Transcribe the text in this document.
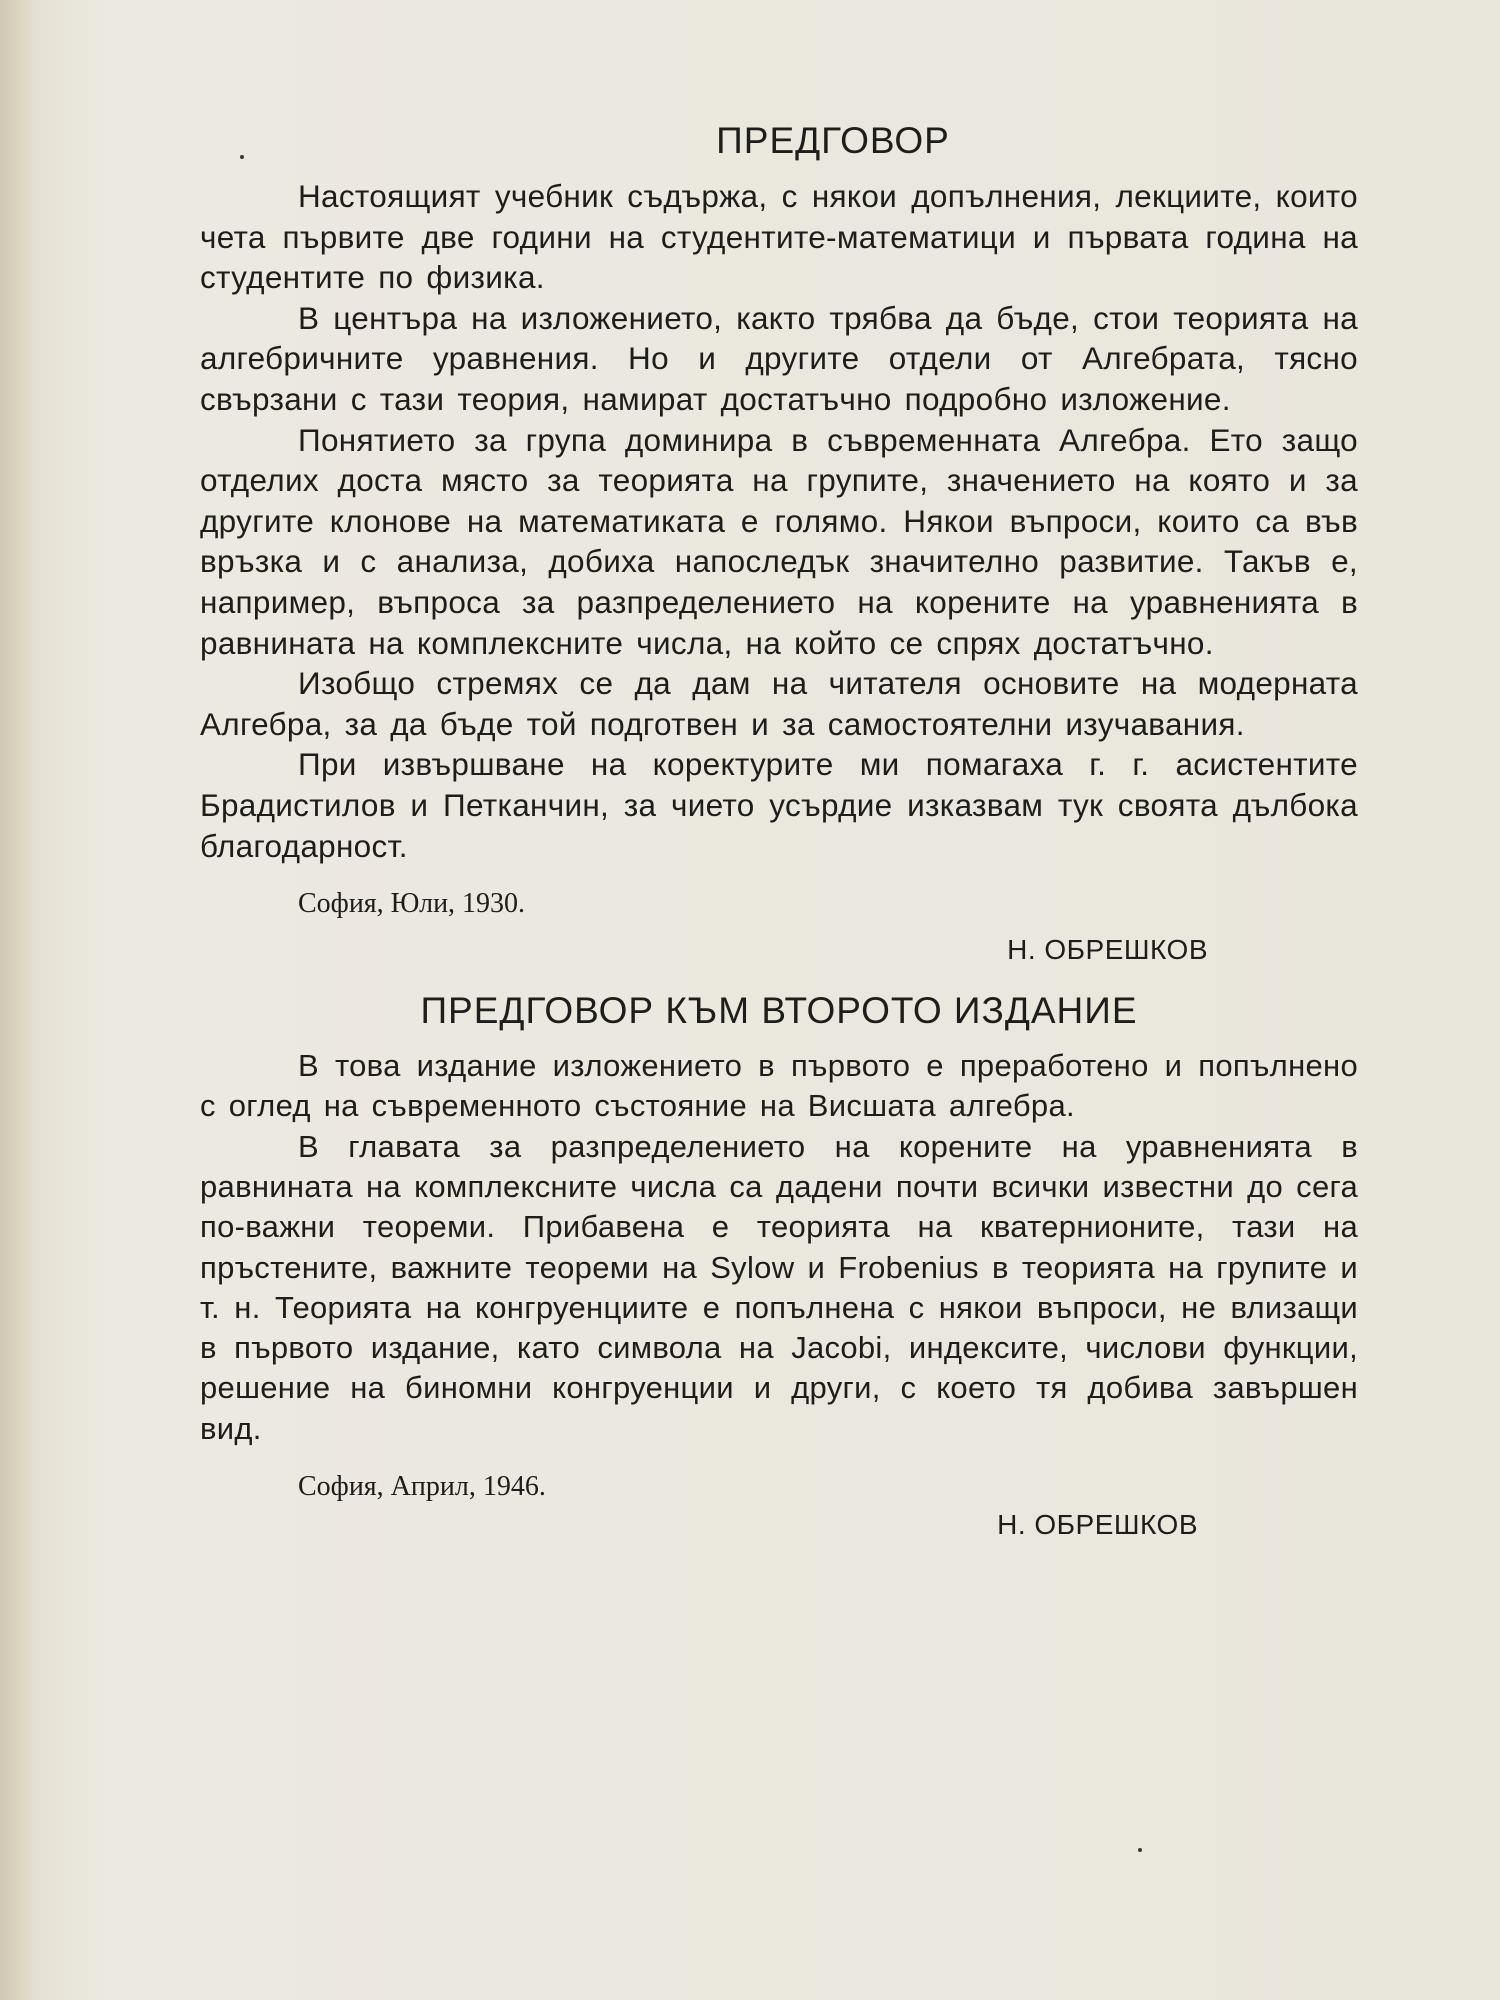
ПРЕДГОВОР

Настоящият учебник съдържа, с някои допълнения, лекциите, които чета първите две години на студентите-математици и първата година на студентите по физика.

В центъра на изложението, както трябва да бъде, стои теорията на алгебричните уравнения. Но и другите отдели от Алгебрата, тясно свързани с тази теория, намират достатъчно подробно изложение.

Понятието за група доминира в съвременната Алгебра. Ето защо отделих доста място за теорията на групите, значението на която и за другите клонове на математиката е голямо. Някои въпроси, които са във връзка и с анализа, добиха напоследък значително развитие. Такъв е, например, въпроса за разпределението на корените на уравненията в равнината на комплексните числа, на който се спрях достатъчно.

Изобщо стремях се да дам на читателя основите на модерната Алгебра, за да бъде той подготвен и за самостоятелни изучавания.

При извършване на коректурите ми помагаха г. г. асистентите Брадистилов и Петканчин, за чието усърдие изказвам тук своята дълбока благодарност.

София, Юли, 1930.
Н. ОБРЕШКОВ
ПРЕДГОВОР КЪМ ВТОРОТО ИЗДАНИЕ

В това издание изложението в първото е преработено и попълнено с оглед на съвременното състояние на Висшата алгебра.

В главата за разпределението на корените на уравненията в равнината на комплексните числа са дадени почти всички известни до сега по-важни теореми. Прибавена е теорията на кватернионите, тази на пръстените, важните теореми на Sylow и Frobenius в теорията на групите и т. н. Теорията на конгруенциите е попълнена с някои въпроси, не влизащи в първото издание, като символа на Jacobi, индексите, числови функции, решение на биномни конгруенции и други, с което тя добива завършен вид.

София, Април, 1946.
Н. ОБРЕШКОВ
